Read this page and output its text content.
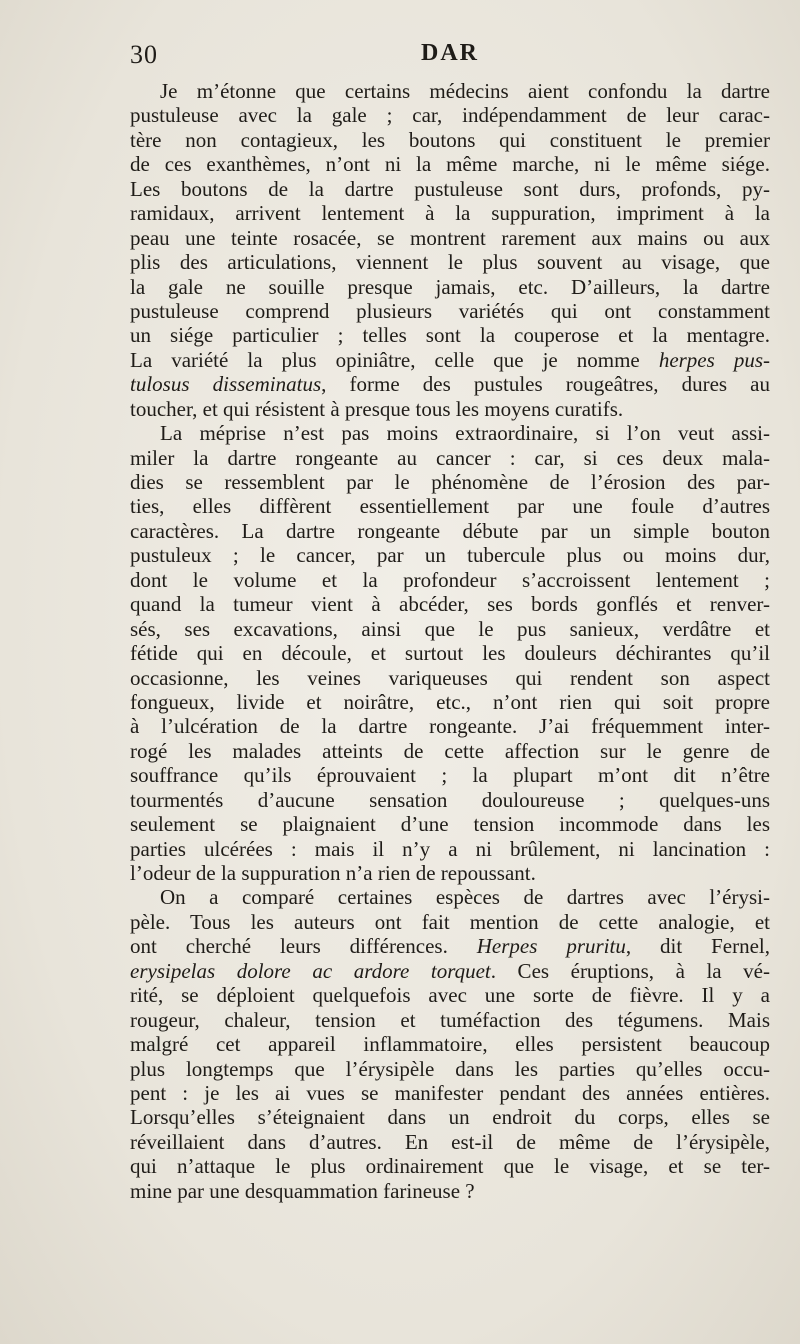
30	DAR
Je m’étonne que certains médecins aient confondu la dartre
pustuleuse avec la gale ; car, indépendamment de leur carac-
tère non contagieux, les boutons qui constituent le premier
de ces exanthèmes, n’ont ni la même marche, ni le même siége.
Les boutons de la dartre pustuleuse sont durs, profonds, py-
ramidaux, arrivent lentement à la suppuration, impriment à la
peau une teinte rosacée, se montrent rarement aux mains ou aux
plis des articulations, viennent le plus souvent au visage, que
la gale ne souille presque jamais, etc. D’ailleurs, la dartre
pustuleuse comprend plusieurs variétés qui ont constamment
un siége particulier ; telles sont la couperose et la mentagre.
La variété la plus opiniâtre, celle que je nomme herpes pus-
tulosus disseminatus, forme des pustules rougeâtres, dures au
toucher, et qui résistent à presque tous les moyens curatifs.
La méprise n’est pas moins extraordinaire, si l’on veut assi-
miler la dartre rongeante au cancer : car, si ces deux mala-
dies se ressemblent par le phénomène de l’érosion des par-
ties, elles diffèrent essentiellement par une foule d’autres
caractères. La dartre rongeante débute par un simple bouton
pustuleux ; le cancer, par un tubercule plus ou moins dur,
dont le volume et la profondeur s’accroissent lentement ;
quand la tumeur vient à abcéder, ses bords gonflés et renver-
sés, ses excavations, ainsi que le pus sanieux, verdâtre et
fétide qui en découle, et surtout les douleurs déchirantes qu’il
occasionne, les veines variqueuses qui rendent son aspect
fongueux, livide et noirâtre, etc., n’ont rien qui soit propre
à l’ulcération de la dartre rongeante. J’ai fréquemment inter-
rogé les malades atteints de cette affection sur le genre de
souffrance qu’ils éprouvaient ; la plupart m’ont dit n’être
tourmentés d’aucune sensation douloureuse ; quelques-uns
seulement se plaignaient d’une tension incommode dans les
parties ulcérées : mais il n’y a ni brûlement, ni lancination :
l’odeur de la suppuration n’a rien de repoussant.
On a comparé certaines espèces de dartres avec l’érysi-
pèle. Tous les auteurs ont fait mention de cette analogie, et
ont cherché leurs différences. Herpes pruritu, dit Fernel,
erysipelas dolore ac ardore torquet. Ces éruptions, à la vé-
rité, se déploient quelquefois avec une sorte de fièvre. Il y a
rougeur, chaleur, tension et tuméfaction des tégumens. Mais
malgré cet appareil inflammatoire, elles persistent beaucoup
plus longtemps que l’érysipèle dans les parties qu’elles occu-
pent : je les ai vues se manifester pendant des années entières.
Lorsqu’elles s’éteignaient dans un endroit du corps, elles se
réveillaient dans d’autres. En est-il de même de l’érysipèle,
qui n’attaque le plus ordinairement que le visage, et se ter-
mine par une desquammation farineuse ?
